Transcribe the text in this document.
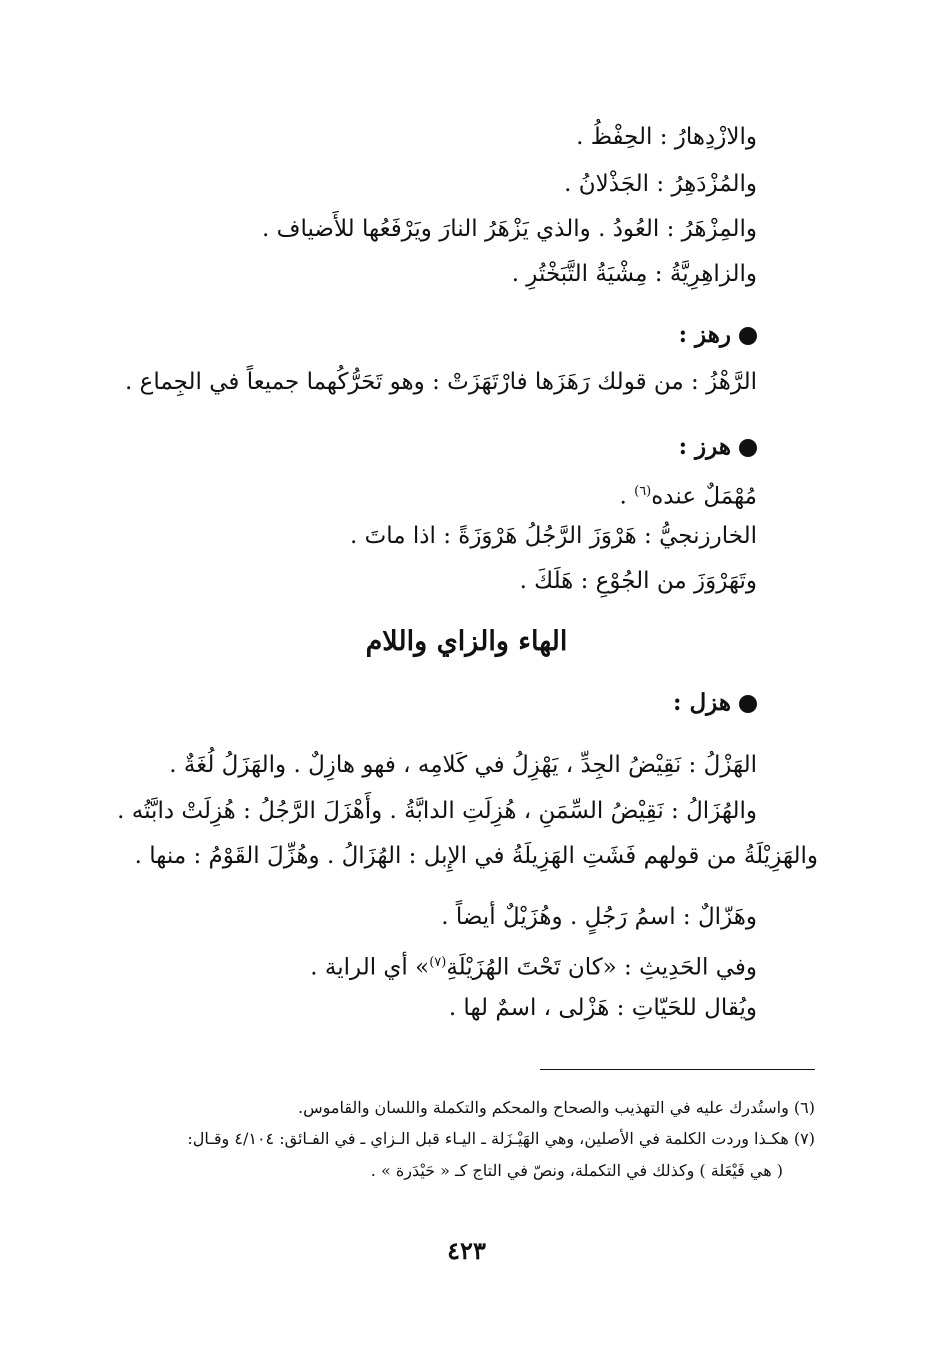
والازْدِهارُ : الحِفْظُ .
والمُزْدَهِرُ : الجَذْلانُ .
والمِزْهَرُ : العُودُ . والذي يَزْهَرُ النارَ ويَرْفَعُها للأَضياف .
والزاهِرِيَّةُ : مِشْيَةُ التَّبَخْتُرِ .
رهز :
الرَّهْزُ : من قولك رَهَزَها فارْتَهَزَتْ : وهو تَحَرُّكُهما جميعاً في الجِماع .
هرز :
مُهْمَلٌ عنده$^{(٦)}$ .
الخارزنجيُّ : هَرْوَزَ الرَّجُلُ هَرْوَزَةً : اذا ماتَ .
وتَهَرْوَزَ من الجُوْعِ : هَلَكَ .
الهاء والزاي واللام
هزل :
الهَزْلُ : نَقِيْضُ الجِدِّ ، يَهْزِلُ في كَلامِه ، فهو هازِلٌ . والهَزَلُ لُغَةٌ .
والهُزَالُ : نَقِيْضُ السِّمَنِ ، هُزِلَتِ الدابَّةُ . وأَهْزَلَ الرَّجُلُ : هُزِلَتْ دابَّتُه .
والهَزِيْلَةُ من قولهم فَشَتِ الهَزِيلَةُ في الإِبل : الهُزَالُ . وهُزِّلَ القَوْمُ : منها .
وهَزّالٌ : اسمُ رَجُلٍ . وهُزَيْلٌ أيضاً .
وفي الحَدِيثِ : «كان تَحْتَ الهُزَيْلَةِ$^{(٧)}$» أي الراية .
ويُقال للحَيّاتِ : هَزْلى ، اسمٌ لها .
(٦) واستُدرك عليه في التهذيب والصحاح والمحكم والتكملة واللسان والقاموس.
(٧) هكـذا وردت الكلمة في الأصلين، وهي الهَيْـزَلة ـ اليـاء قبل الـزاي ـ في الفـائق: ٤/١٠٤ وقـال:
( هي فَيْعَلة ) وكذلك في التكملة، ونصّ في التاج كـ « حَيْدَرة » .
٤٢٣
